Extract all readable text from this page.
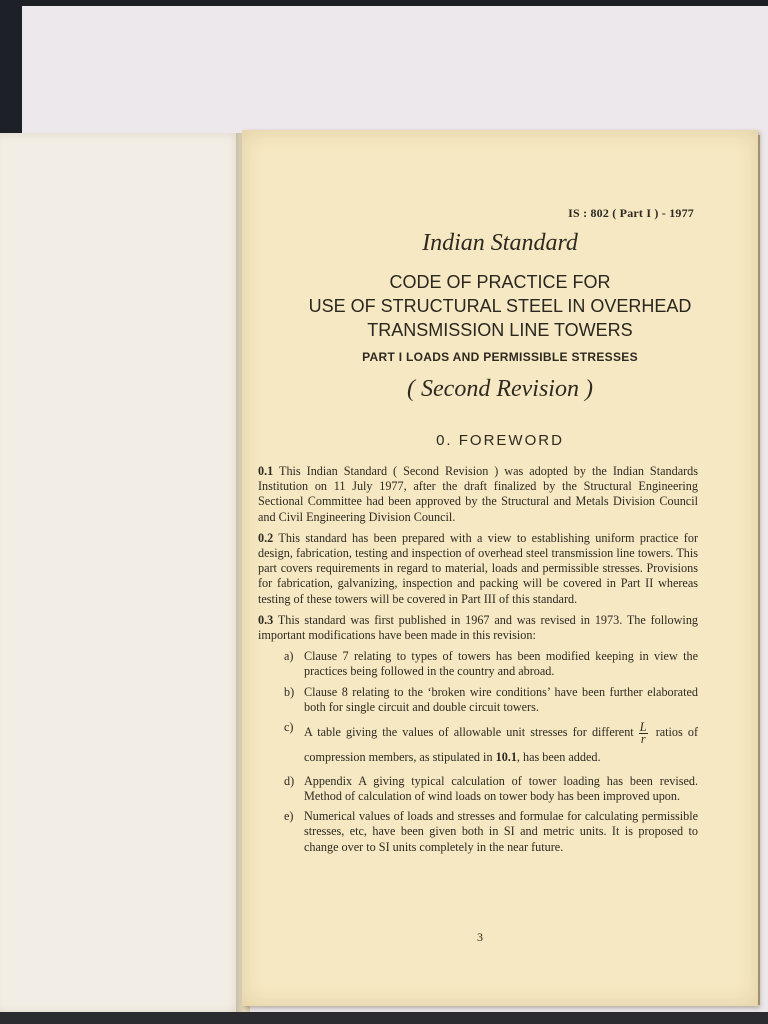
IS : 802 ( Part I ) - 1977
Indian Standard
CODE OF PRACTICE FOR
USE OF STRUCTURAL STEEL IN OVERHEAD
TRANSMISSION LINE TOWERS
PART I LOADS AND PERMISSIBLE STRESSES
( Second Revision )
0. FOREWORD

0.1 This Indian Standard ( Second Revision ) was adopted by the Indian Standards Institution on 11 July 1977, after the draft finalized by the Structural Engineering Sectional Committee had been approved by the Structural and Metals Division Council and Civil Engineering Division Council.

0.2 This standard has been prepared with a view to establishing uniform practice for design, fabrication, testing and inspection of overhead steel transmission line towers. This part covers requirements in regard to material, loads and permissible stresses. Provisions for fabrication, galvanizing, inspection and packing will be covered in Part II whereas testing of these towers will be covered in Part III of this standard.

0.3 This standard was first published in 1967 and was revised in 1973. The following important modifications have been made in this revision:

a) Clause 7 relating to types of towers has been modified keeping in view the practices being followed in the country and abroad.
b) Clause 8 relating to the ‘broken wire conditions’ have been further elaborated both for single circuit and double circuit towers.
c) A table giving the values of allowable unit stresses for different $\frac{L}{r}$ ratios of compression members, as stipulated in 10.1, has been added.
d) Appendix A giving typical calculation of tower loading has been revised. Method of calculation of wind loads on tower body has been improved upon.
e) Numerical values of loads and stresses and formulae for calculating permissible stresses, etc, have been given both in SI and metric units. It is proposed to change over to SI units completely in the near future.
3
